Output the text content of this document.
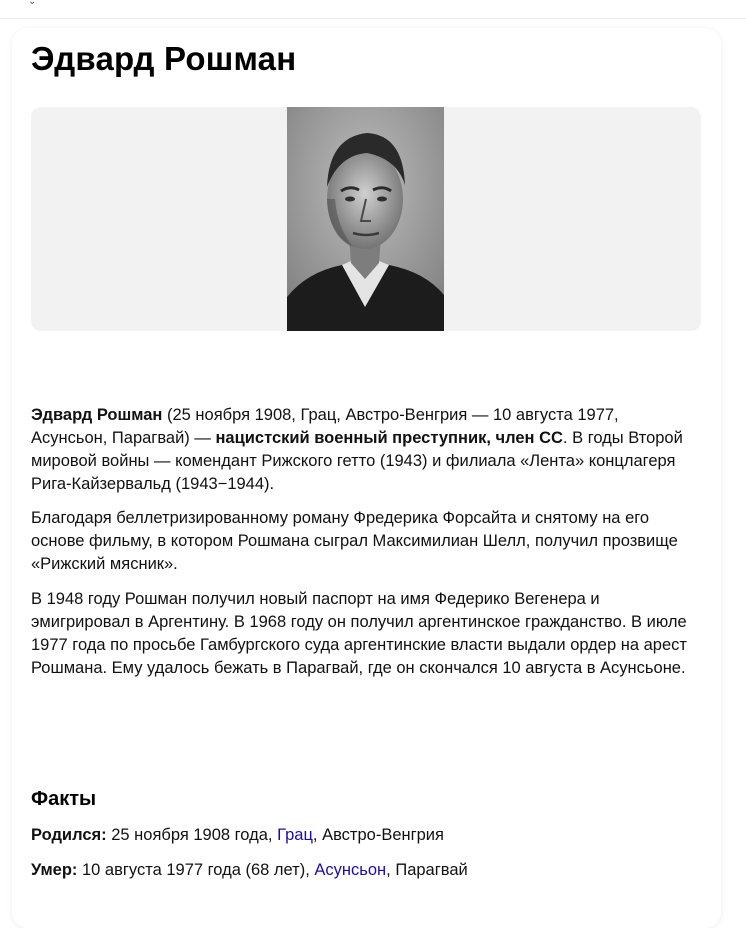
⌄
Эдвард Рошман
Эдвард Рошман (25 ноября 1908, Грац, Австро-Венгрия — 10 августа 1977, Асунсьон, Парагвай) — нацистский военный преступник, член СС. В годы Второй мировой войны — комендант Рижского гетто (1943) и филиала «Лента» концлагеря Рига-Кайзервальд (1943−1944).
Благодаря беллетризированному роману Фредерика Форсайта и снятому на его основе фильму, в котором Рошмана сыграл Максимилиан Шелл, получил прозвище «Рижский мясник».
В 1948 году Рошман получил новый паспорт на имя Федерико Вегенера и эмигрировал в Аргентину. В 1968 году он получил аргентинское гражданство. В июле 1977 года по просьбе Гамбургского суда аргентинские власти выдали ордер на арест Рошмана. Ему удалось бежать в Парагвай, где он скончался 10 августа в Асунсьоне.
Факты
Родился: 25 ноября 1908 года, Грац, Австро-Венгрия
Умер: 10 августа 1977 года (68 лет), Асунсьон, Парагвай
